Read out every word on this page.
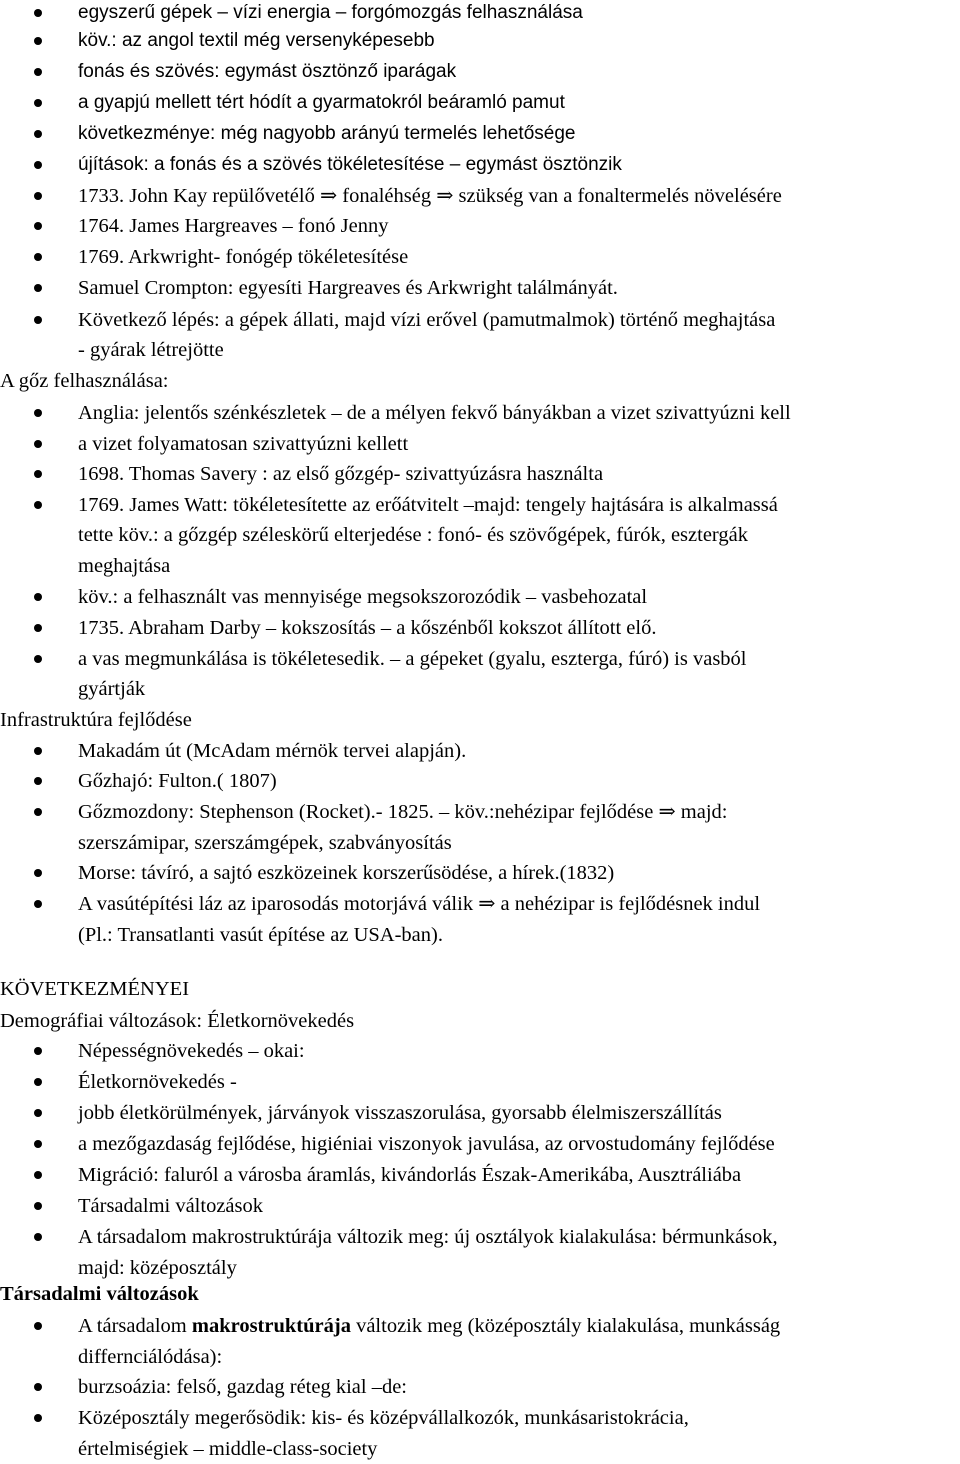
egyszerű gépek – vízi energia – forgómozgás felhasználása
köv.: az angol textil még versenyképesebb
fonás és szövés: egymást ösztönző iparágak
a gyapjú mellett tért hódít a gyarmatokról beáramló pamut
következménye: még nagyobb arányú termelés lehetősége
újítások: a fonás és a szövés tökéletesítése – egymást ösztönzik
1733. John Kay repülővetélő ⇒ fonaléhség ⇒ szükség van a fonaltermelés növelésére
1764. James Hargreaves – fonó Jenny
1769. Arkwright- fonógép tökéletesítése
Samuel Crompton: egyesíti Hargreaves és Arkwright találmányát.
Következő lépés: a gépek állati, majd vízi erővel (pamutmalmok) történő meghajtása
- gyárak létrejötte
A gőz felhasználása:
Anglia: jelentős szénkészletek – de a mélyen fekvő bányákban a vizet szivattyúzni kell
a vizet folyamatosan szivattyúzni kellett
1698. Thomas Savery : az első gőzgép- szivattyúzásra használta
1769. James Watt: tökéletesítette az erőátvitelt –majd: tengely hajtására is alkalmassá
tette köv.: a gőzgép széleskörű elterjedése : fonó- és szövőgépek, fúrók, esztergák
meghajtása
köv.: a felhasznált vas mennyisége megsokszorozódik – vasbehozatal
1735. Abraham Darby – kokszosítás – a kőszénből kokszot állított elő.
a vas megmunkálása is tökéletesedik. – a gépeket (gyalu, eszterga, fúró) is vasból
gyártják
Infrastruktúra fejlődése
Makadám út (McAdam mérnök tervei alapján).
Gőzhajó: Fulton.( 1807)
Gőzmozdony: Stephenson (Rocket).- 1825. – köv.:nehézipar fejlődése ⇒ majd:
szerszámipar, szerszámgépek, szabványosítás
Morse: távíró, a sajtó eszközeinek korszerűsödése, a hírek.(1832)
A vasútépítési láz az iparosodás motorjává válik ⇒ a nehézipar is fejlődésnek indul
(Pl.: Transatlanti vasút építése az USA-ban).
KÖVETKEZMÉNYEI
Demográfiai változások: Életkornövekedés
Népességnövekedés – okai:
Életkornövekedés -
jobb életkörülmények, járványok visszaszorulása, gyorsabb élelmiszerszállítás
a mezőgazdaság fejlődése, higiéniai viszonyok javulása, az orvostudomány fejlődése
Migráció: faluról a városba áramlás, kivándorlás Észak-Amerikába, Ausztráliába
Társadalmi változások
A társadalom makrostruktúrája változik meg: új osztályok kialakulása: bérmunkások,
majd: középosztály
Társadalmi változások
A társadalom makrostruktúrája változik meg (középosztály kialakulása, munkásság
differnciálódása):
burzsoázia: felső, gazdag réteg kial –de:
Középosztály megerősödik: kis- és középvállalkozók, munkásaristokrácia,
értelmiségiek – middle-class-society
